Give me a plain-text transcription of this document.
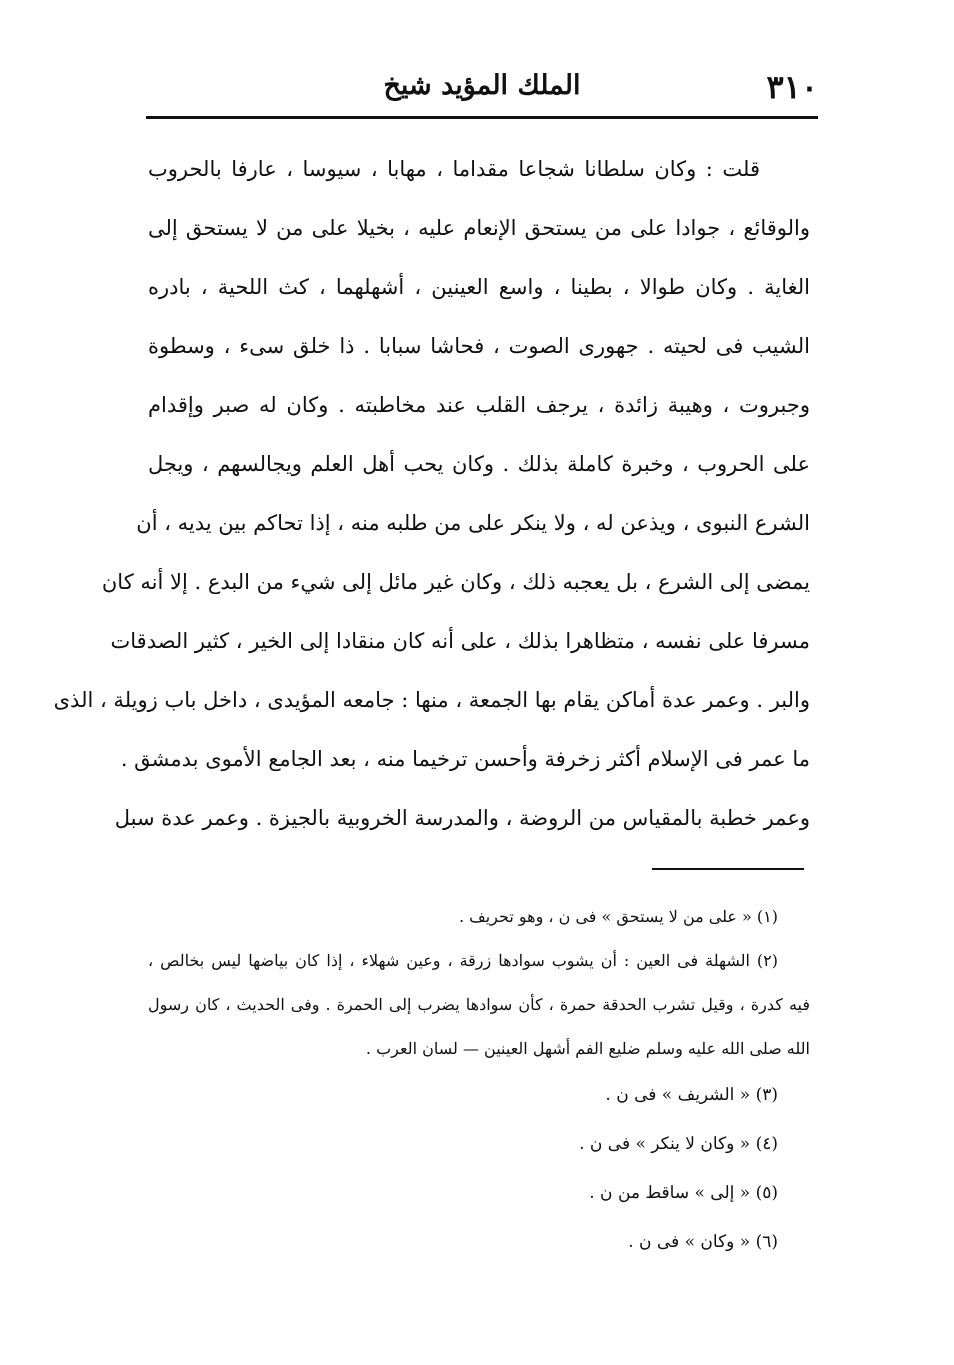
٣١٠
الملك المؤيد شيخ
قلت : وكان سلطانا شجاعا مقداما ، مهابا ، سيوسا ، عارفا بالحروب
والوقائع ، جوادا على من يستحق الإنعام عليه ، بخيلا على من لا يستحق إلى
الغاية . وكان طوالا ، بطينا ، واسع العينين ، أشهلهما ، كث اللحية ، بادره
الشيب فى لحيته . جهورى الصوت ، فحاشا سبابا . ذا خلق سىء ، وسطوة
وجبروت ، وهيبة زائدة ، يرجف القلب عند مخاطبته . وكان له صبر وإقدام
على الحروب ، وخبرة كاملة بذلك . وكان يحب أهل العلم ويجالسهم ، ويجل
الشرع النبوى ، ويذعن له ، ولا ينكر على من طلبه منه ، إذا تحاكم بين يديه ، أن
يمضى إلى الشرع ، بل يعجبه ذلك ، وكان غير مائل إلى شيء من البدع . إلا أنه كان
مسرفا على نفسه ، متظاهرا بذلك ، على أنه كان منقادا إلى الخير ، كثير الصدقات
والبر . وعمر عدة أماكن يقام بها الجمعة ، منها : جامعه المؤيدى ، داخل باب زويلة ، الذى
ما عمر فى الإسلام أكثر زخرفة وأحسن ترخيما منه ، بعد الجامع الأموى بدمشق .
وعمر خطبة بالمقياس من الروضة ، والمدرسة الخروبية بالجيزة . وعمر عدة سبل
(١) « على من لا يستحق » فى ن ، وهو تحريف .
(٢) الشهلة فى العين : أن يشوب سوادها زرقة ، وعين شهلاء ، إذا كان بياضها ليس بخالص ،
فيه كدرة ، وقيل تشرب الحدقة حمرة ، كأن سوادها يضرب إلى الحمرة . وفى الحديث ، كان رسول
الله صلى الله عليه وسلم ضليع الفم أشهل العينين — لسان العرب .
(٣) « الشريف » فى ن .
(٤) « وكان لا ينكر » فى ن .
(٥) « إلى » ساقط من ن .
(٦) « وكان » فى ن .
